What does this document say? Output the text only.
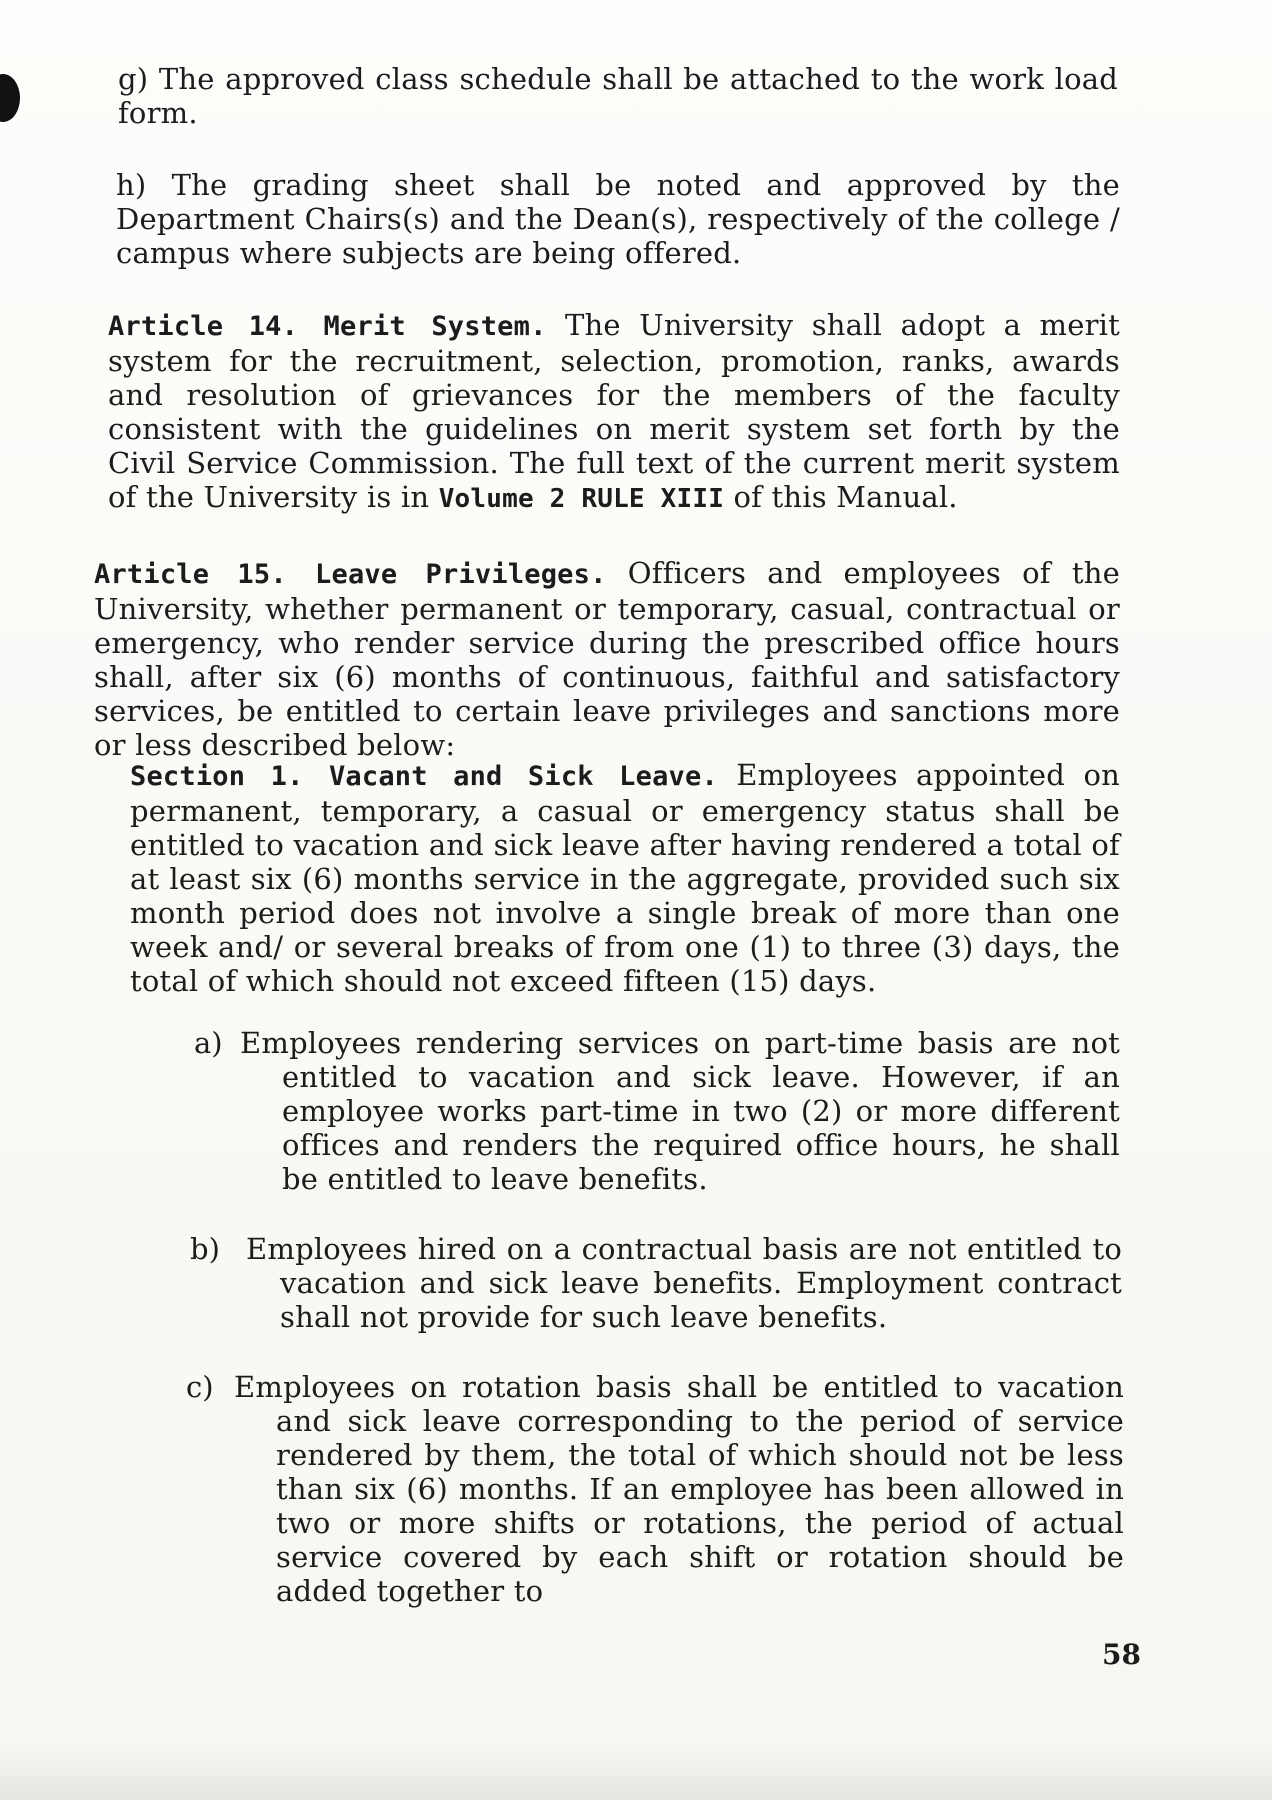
g) The approved class schedule shall be attached to the work load form.

h) The grading sheet shall be noted and approved by the Department Chairs(s) and the Dean(s), respectively of the college / campus where subjects are being offered.

Article 14. Merit System. The University shall adopt a merit system for the recruitment, selection, promotion, ranks, awards and resolution of grievances for the members of the faculty consistent with the guidelines on merit system set forth by the Civil Service Commission. The full text of the current merit system of the University is in Volume 2 RULE XIII of this Manual.

Article 15. Leave Privileges. Officers and employees of the University, whether permanent or temporary, casual, contractual or emergency, who render service during the prescribed office hours shall, after six (6) months of continuous, faithful and satisfactory services, be entitled to certain leave privileges and sanctions more or less described below:

Section 1. Vacant and Sick Leave. Employees appointed on permanent, temporary, a casual or emergency status shall be entitled to vacation and sick leave after having rendered a total of at least six (6) months service in the aggregate, provided such six month period does not involve a single break of more than one week and/ or several breaks of from one (1) to three (3) days, the total of which should not exceed fifteen (15) days.

a) Employees rendering services on part-time basis are not entitled to vacation and sick leave. However, if an employee works part-time in two (2) or more different offices and renders the required office hours, he shall be entitled to leave benefits.

b) Employees hired on a contractual basis are not entitled to vacation and sick leave benefits. Employment contract shall not provide for such leave benefits.

c) Employees on rotation basis shall be entitled to vacation and sick leave corresponding to the period of service rendered by them, the total of which should not be less than six (6) months. If an employee has been allowed in two or more shifts or rotations, the period of actual service covered by each shift or rotation should be added together to

58
